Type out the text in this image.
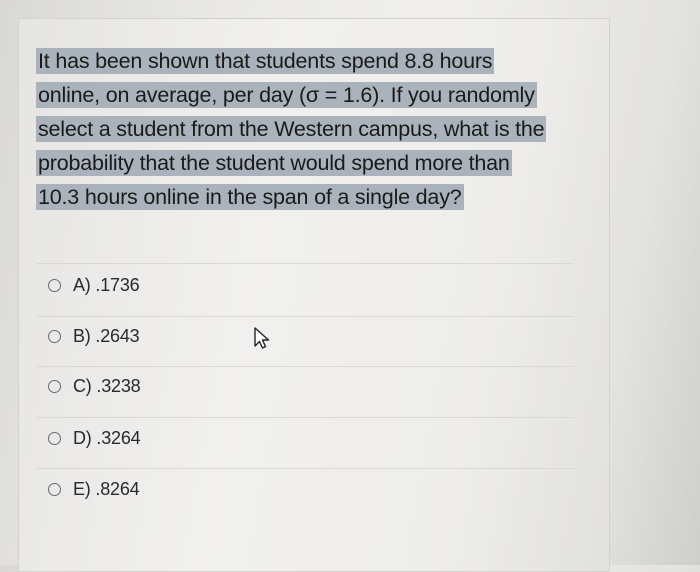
It has been shown that students spend 8.8 hours
online, on average, per day (σ = 1.6). If you randomly
select a student from the Western campus, what is the
probability that the student would spend more than
10.3 hours online in the span of a single day?

A) .1736
B) .2643
C) .3238
D) .3264
E) .8264
